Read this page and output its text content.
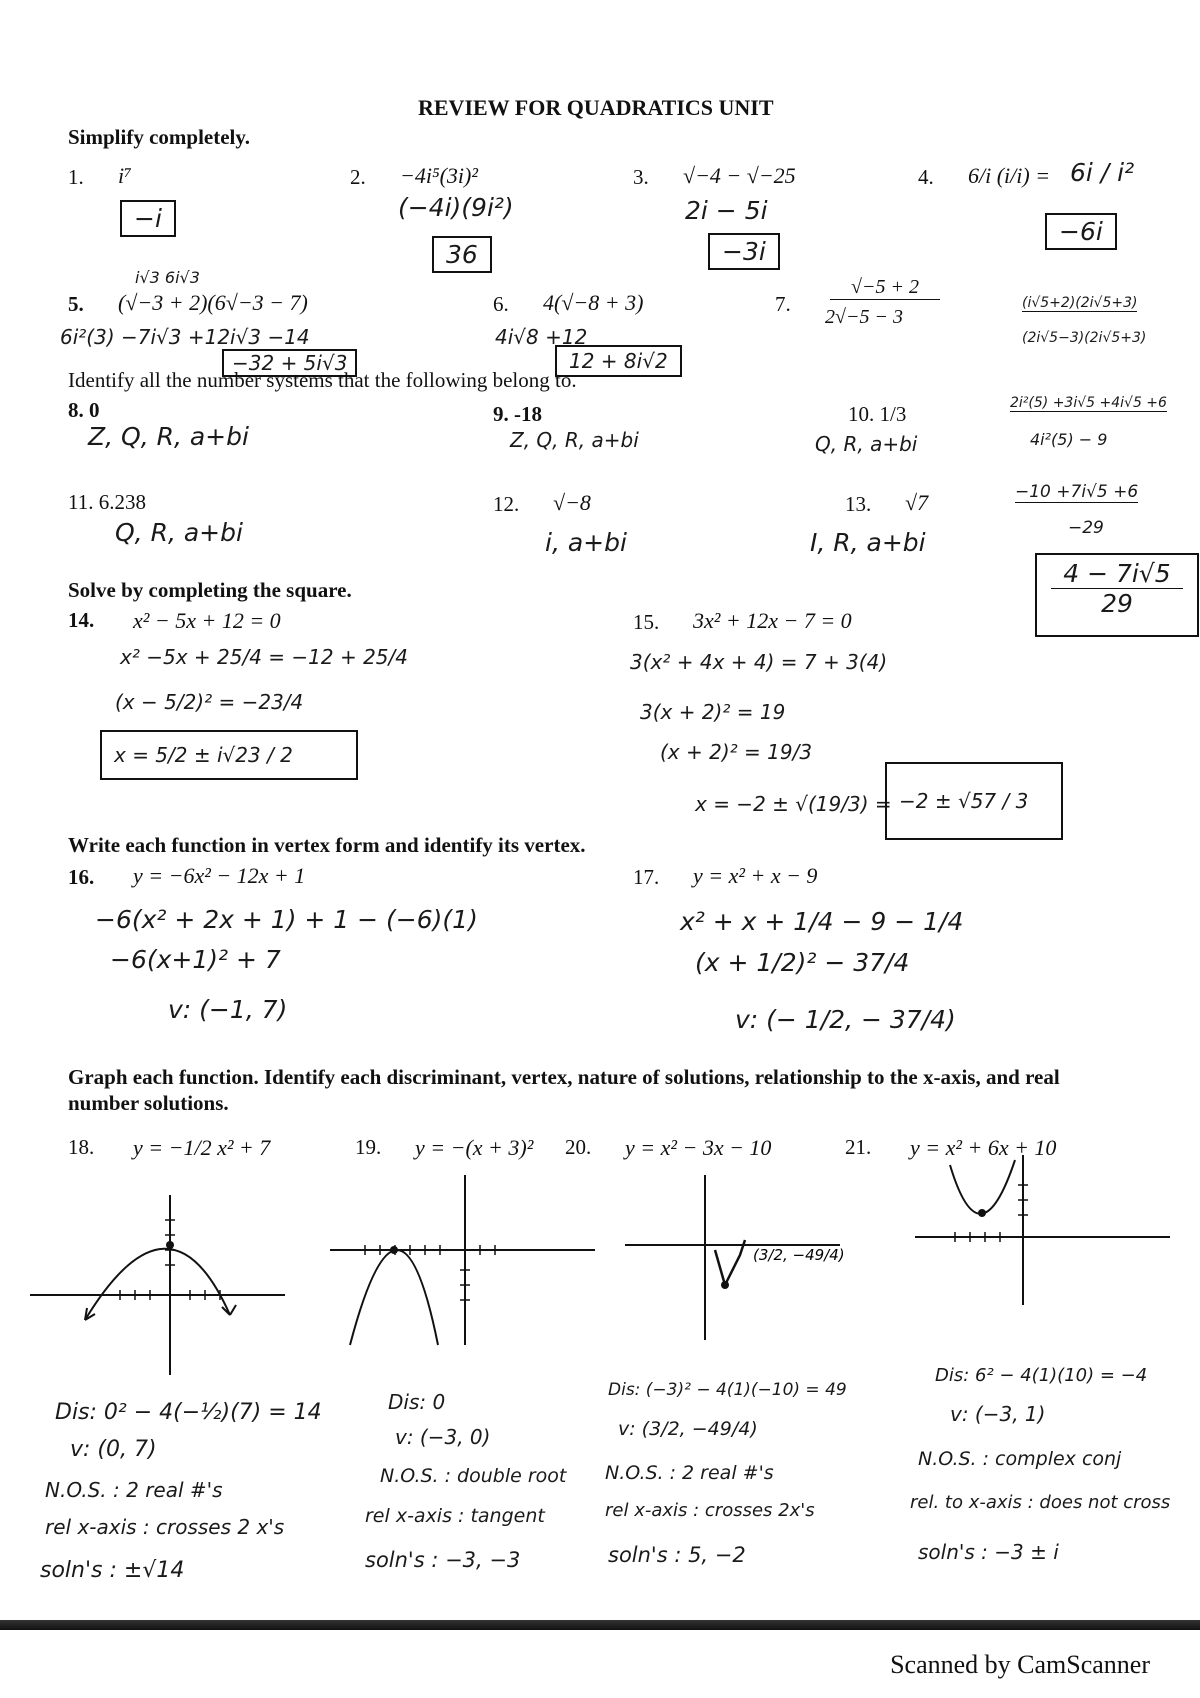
REVIEW FOR QUADRATICS UNIT
Simplify completely.
1. i⁷
−i
2. −4i⁵(3i)²
(−4i)(9i²)
36
3. √−4 − √−25
2i − 5i
−3i
4. 6/i (i/i) = 6i / i²
−6i
i√3 6i√3
5. (√−3 + 2)(6√−3 − 7)
6i²(3) −7i√3 +12i√3 −14
−32 + 5i√3
6. 4(√−8 + 3)
4i√8 +12
12 + 8i√2
7.
√−5 + 2
2√−5 − 3
(i√5+2)(2i√5+3)
(2i√5−3)(2i√5+3)
2i²(5) +3i√5 +4i√5 +6
4i²(5) − 9
−10 +7i√5 +6
−29
$\frac{4 - 7i√5}{29}$
Identify all the number systems that the following belong to.
8. 0
Z, Q, R, a+bi
9. -18
Z, Q, R, a+bi
10. 1/3
Q, R, a+bi
11. 6.238
Q, R, a+bi
12. √−8
i, a+bi
13. √7
I, R, a+bi
Solve by completing the square.
14. x² − 5x + 12 = 0
x² −5x + 25/4 = −12 + 25/4
(x − 5/2)² = −23/4
x = 5/2 ± i√23 / 2
15. 3x² + 12x − 7 = 0
3(x² + 4x + 4) = 7 + 3(4)
3(x + 2)² = 19
(x + 2)² = 19/3
x = −2 ± √(19/3) = −2 ± √57 / 3
Write each function in vertex form and identify its vertex.
16. y = −6x² − 12x + 1
−6(x² + 2x + 1) + 1 − (−6)(1)
−6(x+1)² + 7
v: (−1, 7)
17. y = x² + x − 9
x² + x + 1/4 − 9 − 1/4
(x + 1/2)² − 37/4
v: (− 1/2, − 37/4)
Graph each function. Identify each discriminant, vertex, nature of solutions, relationship to the x-axis, and real
number solutions.
18. y = −1/2 x² + 7	19. y = −(x + 3)² 20. y = x² − 3x − 10	21. y = x² + 6x + 10
(3/2, −49/4)
Dis: 0² − 4(−½)(7) = 14
v: (0, 7)
N.O.S. : 2 real #'s
rel x-axis : crosses 2 x's
soln's : ±√14
Dis: 0
v: (−3, 0)
N.O.S. : double root
rel x-axis : tangent
soln's : −3, −3
Dis: (−3)² − 4(1)(−10) = 49
v: (3/2, −49/4)
N.O.S. : 2 real #'s
rel x-axis : crosses 2x's
soln's : 5, −2
Dis: 6² − 4(1)(10) = −4
v: (−3, 1)
N.O.S. : complex conj
rel. to x-axis : does not cross
soln's : −3 ± i
Scanned by CamScanner
